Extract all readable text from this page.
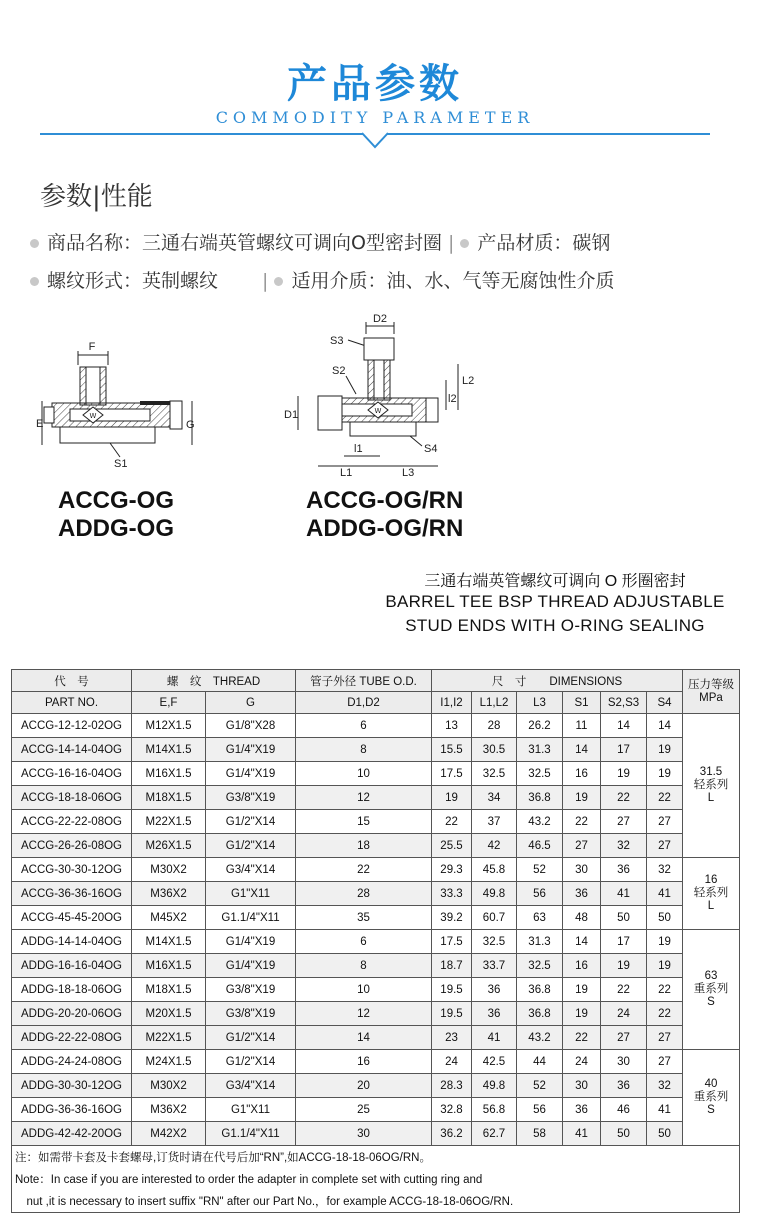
产品参数
COMMODITY PARAMETER
参数|性能
商品名称：三通右端英管螺纹可调向O型密封圈 | 产品材质：碳钢
螺纹形式：英制螺纹 | 适用介质：油、水、气等无腐蚀性介质
F
W
E	G
S1
ACCG-OG
ADDG-OG
D2
S3
S2
W
D1
L2
l2
l1
L1	L3
S4
ACCG-OG/RN
ADDG-OG/RN
三通右端英管螺纹可调向 O 形圈密封
BARREL TEE BSP THREAD ADJUSTABLE
STUD ENDS WITH O-RING SEALING
代　号	螺　纹　THREAD		管子外径 TUBE O.D.	尺　寸　　DIMENSIONS						压力等级
MPa

PART NO.	E,F	G	D1,D2	I1,I2	L1,L2	L3	S1	S2,S3	S4	
ACCG-12-12-02OG	M12X1.5	G1/8"X28	6	13	28	26.2	11	14	14	31.5
轻系列
L

ACCG-14-14-04OG	M14X1.5	G1/4"X19	8	15.5	30.5	31.3	14	17	19	
ACCG-16-16-04OG	M16X1.5	G1/4"X19	10	17.5	32.5	32.5	16	19	19	
ACCG-18-18-06OG	M18X1.5	G3/8"X19	12	19	34	36.8	19	22	22	
ACCG-22-22-08OG	M22X1.5	G1/2"X14	15	22	37	43.2	22	27	27	
ACCG-26-26-08OG	M26X1.5	G1/2"X14	18	25.5	42	46.5	27	32	27	
ACCG-30-30-12OG	M30X2	G3/4"X14	22	29.3	45.8	52	30	36	32	16
轻系列
L

ACCG-36-36-16OG	M36X2	G1"X11	28	33.3	49.8	56	36	41	41	
ACCG-45-45-20OG	M45X2	G1.1/4"X11	35	39.2	60.7	63	48	50	50	
ADDG-14-14-04OG	M14X1.5	G1/4"X19	6	17.5	32.5	31.3	14	17	19	63
重系列
S

ADDG-16-16-04OG	M16X1.5	G1/4"X19	8	18.7	33.7	32.5	16	19	19	
ADDG-18-18-06OG	M18X1.5	G3/8"X19	10	19.5	36	36.8	19	22	22	
ADDG-20-20-06OG	M20X1.5	G3/8"X19	12	19.5	36	36.8	19	24	22	
ADDG-22-22-08OG	M22X1.5	G1/2"X14	14	23	41	43.2	22	27	27	
ADDG-24-24-08OG	M24X1.5	G1/2"X14	16	24	42.5	44	24	30	27	40
重系列
S

ADDG-30-30-12OG	M30X2	G3/4"X14	20	28.3	49.8	52	30	36	32	
ADDG-36-36-16OG	M36X2	G1"X11	25	32.8	56.8	56	36	46	41	
ADDG-42-42-20OG	M42X2	G1.1/4"X11	30	36.2	62.7	58	41	50	50	
注：如需带卡套及卡套螺母,订货时请在代号后加“RN”,如ACCG-18-18-06OG/RN。										
Note：In case if you are interested to order the adapter in complete set with cutting ring and										
　nut ,it is necessary to insert suffix "RN" after our Part No.，for example ACCG-18-18-06OG/RN.										
